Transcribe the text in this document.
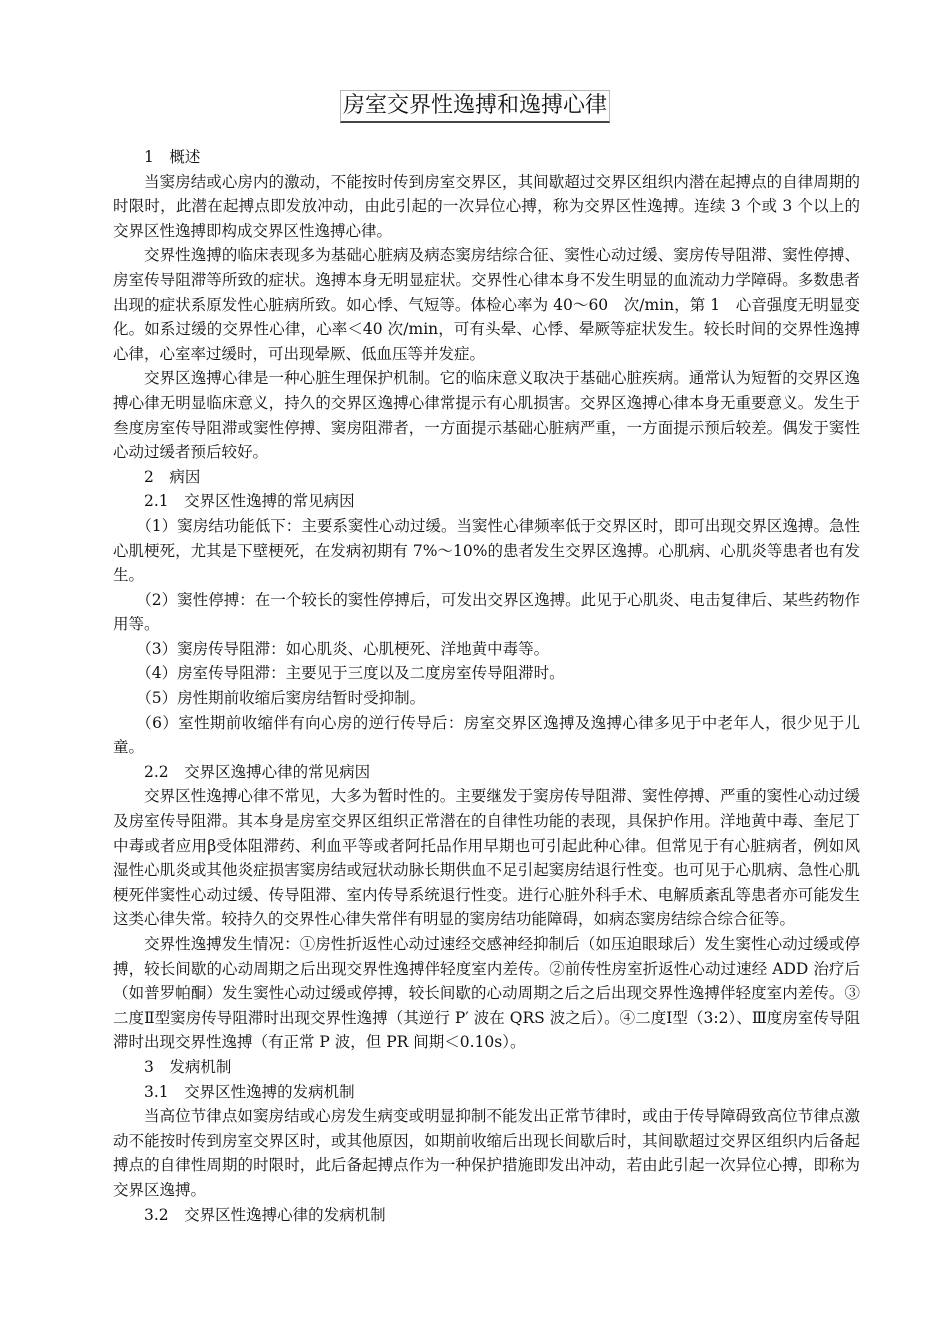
房室交界性逸搏和逸搏心律

1　概述

当窦房结或心房内的激动，不能按时传到房室交界区，其间歇超过交界区组织内潜在起搏点的自律周期的时限时，此潜在起搏点即发放冲动，由此引起的一次异位心搏，称为交界区性逸搏。连续 3 个或 3 个以上的交界区性逸搏即构成交界区性逸搏心律。

交界性逸搏的临床表现多为基础心脏病及病态窦房结综合征、窦性心动过缓、窦房传导阻滞、窦性停搏、房室传导阻滞等所致的症状。逸搏本身无明显症状。交界性心律本身不发生明显的血流动力学障碍。多数患者出现的症状系原发性心脏病所致。如心悸、气短等。体检心率为 40～60　次/min，第 1　心音强度无明显变化。如系过缓的交界性心律，心率＜40 次/min，可有头晕、心悸、晕厥等症状发生。较长时间的交界性逸搏心律，心室率过缓时，可出现晕厥、低血压等并发症。

交界区逸搏心律是一种心脏生理保护机制。它的临床意义取决于基础心脏疾病。通常认为短暂的交界区逸搏心律无明显临床意义，持久的交界区逸搏心律常提示有心肌损害。交界区逸搏心律本身无重要意义。发生于叁度房室传导阻滞或窦性停搏、窦房阻滞者，一方面提示基础心脏病严重，一方面提示预后较差。偶发于窦性心动过缓者预后较好。

2　病因

2.1　交界区性逸搏的常见病因

（1）窦房结功能低下：主要系窦性心动过缓。当窦性心律频率低于交界区时，即可出现交界区逸搏。急性心肌梗死，尤其是下壁梗死，在发病初期有 7%～10%的患者发生交界区逸搏。心肌病、心肌炎等患者也有发生。

（2）窦性停搏：在一个较长的窦性停搏后，可发出交界区逸搏。此见于心肌炎、电击复律后、某些药物作用等。

（3）窦房传导阻滞：如心肌炎、心肌梗死、洋地黄中毒等。

（4）房室传导阻滞：主要见于三度以及二度房室传导阻滞时。

（5）房性期前收缩后窦房结暂时受抑制。

（6）室性期前收缩伴有向心房的逆行传导后：房室交界区逸搏及逸搏心律多见于中老年人，很少见于儿童。

2.2　交界区逸搏心律的常见病因

交界区性逸搏心律不常见，大多为暂时性的。主要继发于窦房传导阻滞、窦性停搏、严重的窦性心动过缓及房室传导阻滞。其本身是房室交界区组织正常潜在的自律性功能的表现，具保护作用。洋地黄中毒、奎尼丁中毒或者应用β受体阻滞药、利血平等或者阿托品作用早期也可引起此种心律。但常见于有心脏病者，例如风湿性心肌炎或其他炎症损害窦房结或冠状动脉长期供血不足引起窦房结退行性变。也可见于心肌病、急性心肌梗死伴窦性心动过缓、传导阻滞、室内传导系统退行性变。进行心脏外科手术、电解质紊乱等患者亦可能发生这类心律失常。较持久的交界性心律失常伴有明显的窦房结功能障碍，如病态窦房结综合综合征等。

交界性逸搏发生情况：①房性折返性心动过速经交感神经抑制后（如压迫眼球后）发生窦性心动过缓或停搏，较长间歇的心动周期之后出现交界性逸搏伴轻度室内差传。②前传性房室折返性心动过速经 ADD 治疗后（如普罗帕酮）发生窦性心动过缓或停搏，较长间歇的心动周期之后之后出现交界性逸搏伴轻度室内差传。③二度Ⅱ型窦房传导阻滞时出现交界性逸搏（其逆行 P′ 波在 QRS 波之后）。④二度Ⅰ型（3:2）、Ⅲ度房室传导阻滞时出现交界性逸搏（有正常 P 波，但 PR 间期＜0.10s）。

3　发病机制

3.1　交界区性逸搏的发病机制

当高位节律点如窦房结或心房发生病变或明显抑制不能发出正常节律时，或由于传导障碍致高位节律点激动不能按时传到房室交界区时，或其他原因，如期前收缩后出现长间歇后时，其间歇超过交界区组织内后备起搏点的自律性周期的时限时，此后备起搏点作为一种保护措施即发出冲动，若由此引起一次异位心搏，即称为交界区逸搏。

3.2　交界区性逸搏心律的发病机制
